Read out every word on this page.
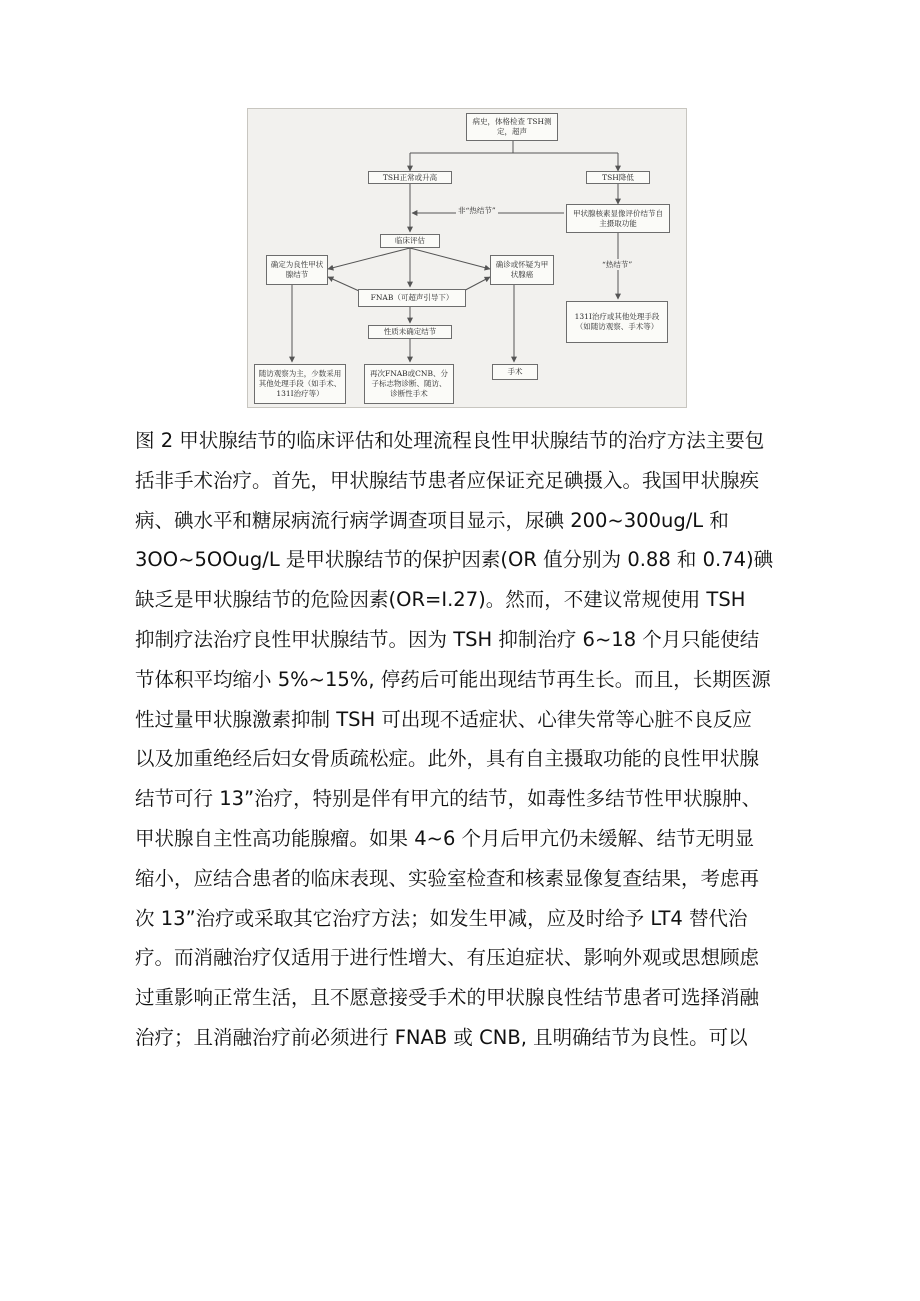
病史，体格检查 TSH测定，超声
TSH正常或升高	TSH降低
甲状腺核素显像评价结节自主摄取功能
非“热结节”
“热结节”
临床评估
确定为良性甲状腺结节
确诊或怀疑为甲状腺癌
FNAB（可超声引导下）
性质未确定结节
随访观察为主，少数采用其他处理手段（如手术、131I治疗等）
再次FNAB或CNB、分子标志物诊断、随访、诊断性手术
手术
131I治疗或其他处理手段（如随访观察、手术等）
图 2 甲状腺结节的临床评估和处理流程良性甲状腺结节的治疗方法主要包
括非手术治疗。首先，甲状腺结节患者应保证充足碘摄入。我国甲状腺疾
病、碘水平和糖尿病流行病学调查项目显示，尿碘 200~300ug/L 和
3OO~5OOug/L 是甲状腺结节的保护因素(OR 值分别为 0.88 和 0.74)碘
缺乏是甲状腺结节的危险因素(OR=I.27)。然而，不建议常规使用 TSH
抑制疗法治疗良性甲状腺结节。因为 TSH 抑制治疗 6~18 个月只能使结
节体积平均缩小 5%~15%, 停药后可能出现结节再生长。而且，长期医源
性过量甲状腺激素抑制 TSH 可出现不适症状、心律失常等心脏不良反应
以及加重绝经后妇女骨质疏松症。此外，具有自主摄取功能的良性甲状腺
结节可行 13”治疗，特别是伴有甲亢的结节，如毒性多结节性甲状腺肿、
甲状腺自主性高功能腺瘤。如果 4~6 个月后甲亢仍未缓解、结节无明显
缩小，应结合患者的临床表现、实验室检查和核素显像复查结果，考虑再
次 13”治疗或采取其它治疗方法；如发生甲减，应及时给予 LT4 替代治
疗。而消融治疗仅适用于进行性增大、有压迫症状、影响外观或思想顾虑
过重影响正常生活，且不愿意接受手术的甲状腺良性结节患者可选择消融
治疗；且消融治疗前必须进行 FNAB 或 CNB, 且明确结节为良性。可以
